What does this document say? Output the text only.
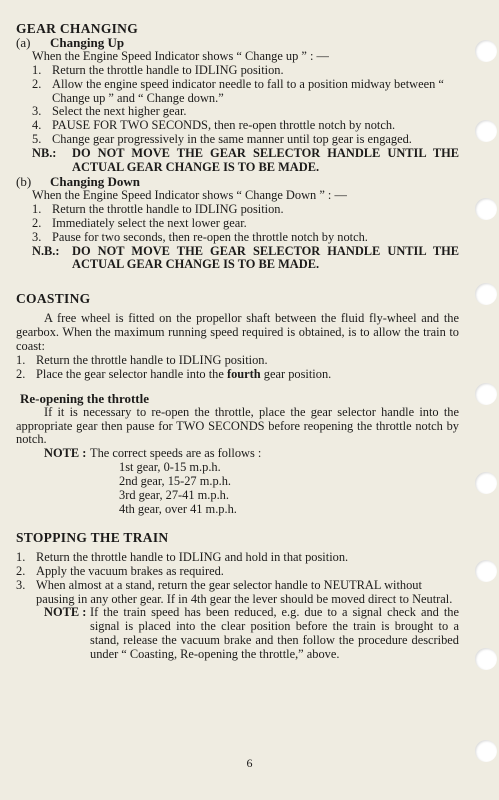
GEAR CHANGING
(a)	Changing Up

When the Engine Speed Indicator shows “ Change up ” : —

1. Return the throttle handle to IDLING position.
2. Allow the engine speed indicator needle to fall to a position midway between “ Change up ” and “ Change down.”
3. Select the next higher gear.
4. PAUSE FOR TWO SECONDS, then re-open throttle notch by notch.
5. Change gear progressively in the same manner until top gear is engaged.
NB.:	DO NOT MOVE THE GEAR SELECTOR HANDLE UNTIL THE ACTUAL GEAR CHANGE IS TO BE MADE.
(b)	Changing Down

When the Engine Speed Indicator shows “ Change Down ” : —

1. Return the throttle handle to IDLING position.
2. Immediately select the next lower gear.
3. Pause for two seconds, then re-open the throttle notch by notch.
N.B.:	DO NOT MOVE THE GEAR SELECTOR HANDLE UNTIL THE ACTUAL GEAR CHANGE IS TO BE MADE.
COASTING

A free wheel is fitted on the propellor shaft between the fluid fly-wheel and the gearbox. When the maximum running speed required is obtained, is to allow the train to coast:

1. Return the throttle handle to IDLING position.
2. Place the gear selector handle into the fourth gear position.
Re-opening the throttle

If it is necessary to re-open the throttle, place the gear selector handle into the appropriate gear then pause for TWO SECONDS before reopening the throttle notch by notch.

NOTE : The correct speeds are as follows :
1st gear, 0-15 m.p.h.
2nd gear, 15-27 m.p.h.
3rd gear, 27-41 m.p.h.
4th gear, over 41 m.p.h.
STOPPING THE TRAIN
1. Return the throttle handle to IDLING and hold in that position.
2. Apply the vacuum brakes as required.
3. When almost at a stand, return the gear selector handle to NEUTRAL without pausing in any other gear. If in 4th gear the lever should be moved direct to Neutral.
NOTE : If the train speed has been reduced, e.g. due to a signal check and the signal is placed into the clear position before the train is brought to a stand, release the vacuum brake and then follow the procedure described under “ Coasting, Re-opening the throttle,” above.
6
